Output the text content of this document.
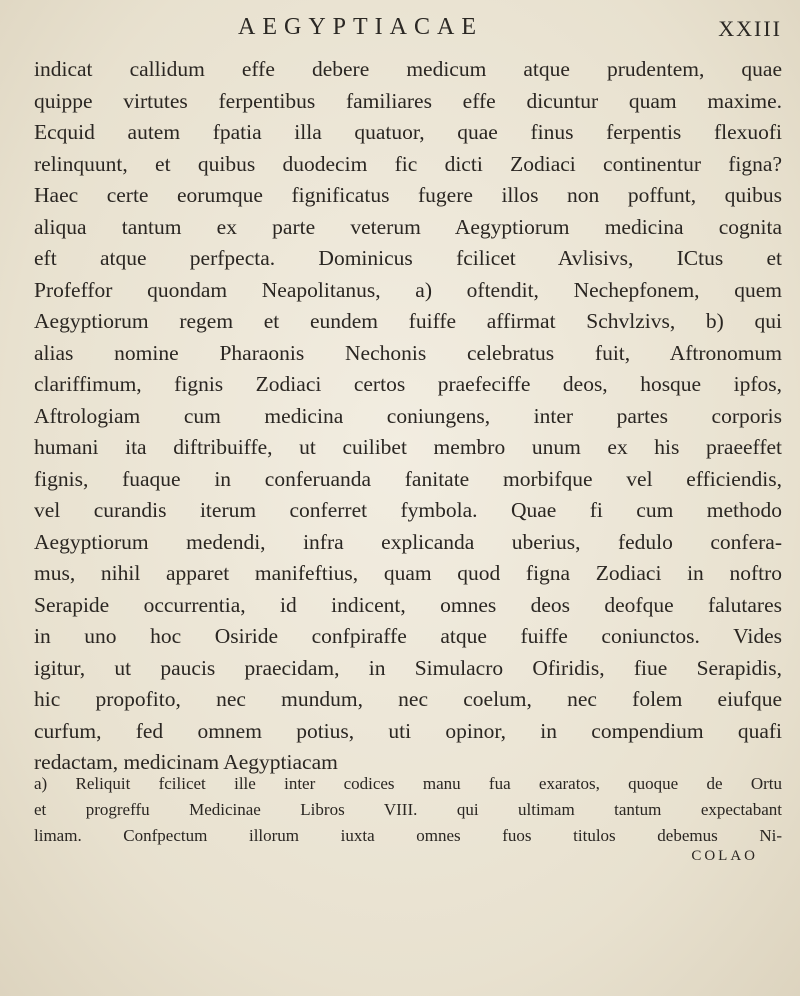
AEGYPTIACAE	XXIII
indicat callidum effe debere medicum atque prudentem, quae
quippe virtutes ferpentibus familiares effe dicuntur quam maxime.
Ecquid autem fpatia illa quatuor, quae finus ferpentis flexuofi
relinquunt, et quibus duodecim fic dicti Zodiaci continentur figna?
Haec certe eorumque fignificatus fugere illos non poffunt, quibus
aliqua tantum ex parte veterum Aegyptiorum medicina cognita
eft atque perfpecta. Dominicus fcilicet Avlisivs, ICtus et
Profeffor quondam Neapolitanus, a) oftendit, Nechepfonem, quem
Aegyptiorum regem et eundem fuiffe affirmat Schvlzivs, b) qui
alias nomine Pharaonis Nechonis celebratus fuit, Aftronomum
clariffimum, fignis Zodiaci certos praefeciffe deos, hosque ipfos,
Aftrologiam cum medicina coniungens, inter partes corporis
humani ita diftribuiffe, ut cuilibet membro unum ex his praeeffet
fignis, fuaque in conferuanda fanitate morbifque vel efficiendis,
vel curandis iterum conferret fymbola. Quae fi cum methodo
Aegyptiorum medendi, infra explicanda uberius, fedulo confera-
mus, nihil apparet manifeftius, quam quod figna Zodiaci in noftro
Serapide occurrentia, id indicent, omnes deos deofque falutares
in uno hoc Osiride confpiraffe atque fuiffe coniunctos. Vides
igitur, ut paucis praecidam, in Simulacro Ofiridis, fiue Serapidis,
hic propofito, nec mundum, nec coelum, nec folem eiufque
curfum, fed omnem potius, uti opinor, in compendium quafi
redactam, medicinam Aegyptiacam
a) Reliquit fcilicet ille inter codices manu fua exaratos, quoque de Ortu
et progreffu Medicinae Libros VIII. qui ultimam tantum expectabant
limam. Confpectum illorum iuxta omnes fuos titulos debemus Ni-
COLAO
